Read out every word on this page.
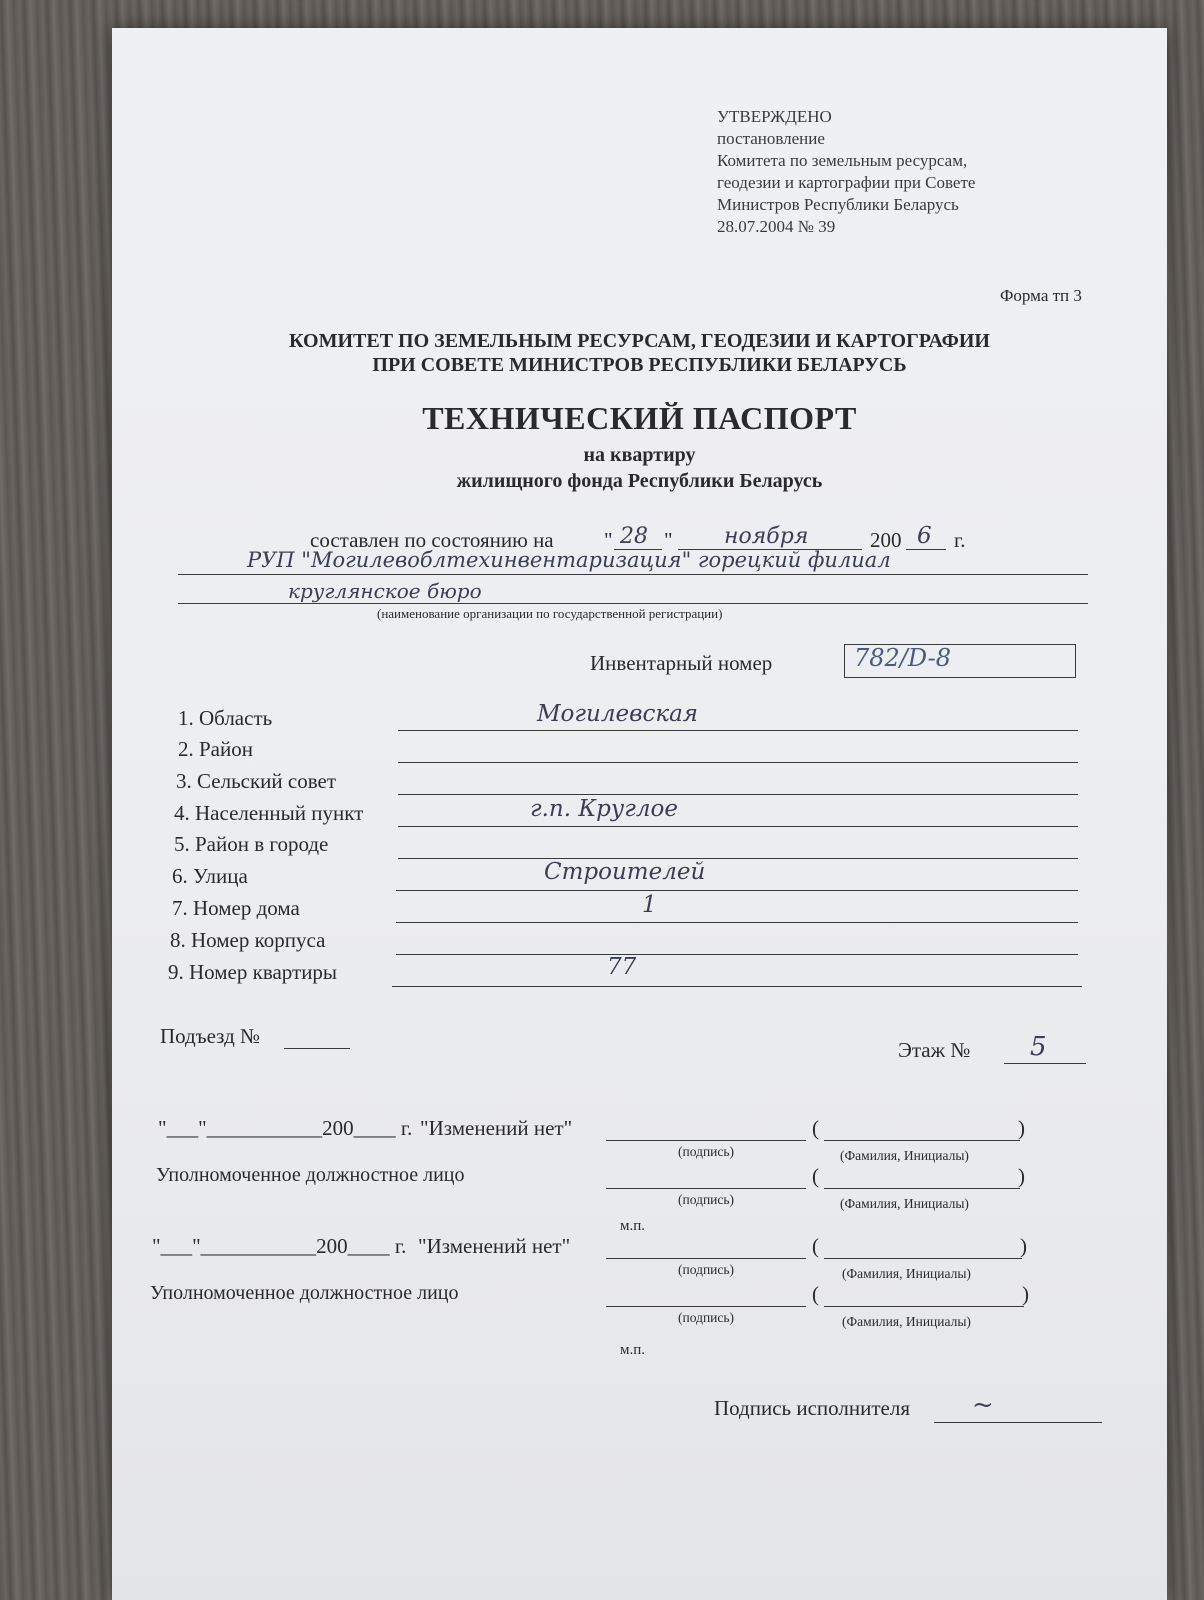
УТВЕРЖДЕНО
постановление
Комитета по земельным ресурсам,
геодезии и картографии при Совете
Министров Республики Беларусь
28.07.2004 № 39
Форма тп 3
КОМИТЕТ ПО ЗЕМЕЛЬНЫМ РЕСУРСАМ, ГЕОДЕЗИИ И КАРТОГРАФИИ
ПРИ СОВЕТЕ МИНИСТРОВ РЕСПУБЛИКИ БЕЛАРУСЬ
ТЕХНИЧЕСКИЙ ПАСПОРТ
на квартиру
жилищного фонда Республики Беларусь
составлен по состоянию на " 28 " ноября	200 6 г.
РУП "Могилевоблтехинвентаризация" горецкий филиал
круглянское бюро
(наименование организации по государственной регистрации)
Инвентарный номер	782/D-8
1. Область	Могилевская
2. Район
3. Сельский совет
4. Населенный пункт	г.п. Круглое
5. Район в городе
6. Улица	Строителей
7. Номер дома	1
8. Номер корпуса
9. Номер квартиры	77
Подъезд №
Этаж № 5
"___"___________200____ г. "Изменений нет"	(	)
(подпись)	(Фамилия, Инициалы)
Уполномоченное должностное лицо	(	)
(подпись)	(Фамилия, Инициалы)
м.п.
"___"___________200____ г. "Изменений нет"	(	)
(подпись)	(Фамилия, Инициалы)
Уполномоченное должностное лицо	(	)
(подпись)	(Фамилия, Инициалы)
м.п.
Подпись исполнителя ~
